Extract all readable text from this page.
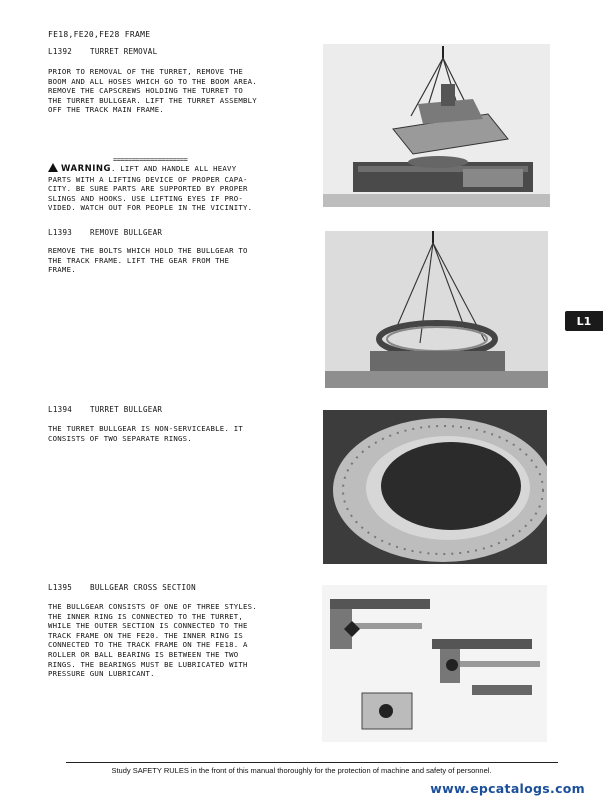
FE18,FE20,FE28 FRAME
L1392 TURRET REMOVAL

PRIOR TO REMOVAL OF THE TURRET, REMOVE THE

BOOM AND ALL HOSES WHICH GO TO THE BOOM AREA.

REMOVE THE CAPSCREWS HOLDING THE TURRET TO

THE TURRET BULLGEAR. LIFT THE TURRET ASSEMBLY

OFF THE TRACK MAIN FRAME.

====================

WARNING. LIFT AND HANDLE ALL HEAVY

PARTS WITH A LIFTING DEVICE OF PROPER CAPA-

CITY. BE SURE PARTS ARE SUPPORTED BY PROPER

SLINGS AND HOOKS. USE LIFTING EYES IF PRO-

VIDED. WATCH OUT FOR PEOPLE IN THE VICINITY.

L1393 REMOVE BULLGEAR

REMOVE THE BOLTS WHICH HOLD THE BULLGEAR TO

THE TRACK FRAME. LIFT THE GEAR FROM THE

FRAME.

L1
L1394 TURRET BULLGEAR

THE TURRET BULLGEAR IS NON-SERVICEABLE. IT

CONSISTS OF TWO SEPARATE RINGS.

L1395 BULLGEAR CROSS SECTION

THE BULLGEAR CONSISTS OF ONE OF THREE STYLES.

THE INNER RING IS CONNECTED TO THE TURRET,

WHILE THE OUTER SECTION IS CONNECTED TO THE

TRACK FRAME ON THE FE20. THE INNER RING IS

CONNECTED TO THE TRACK FRAME ON THE FE18. A

ROLLER OR BALL BEARING IS BETWEEN THE TWO

RINGS. THE BEARINGS MUST BE LUBRICATED WITH

PRESSURE GUN LUBRICANT.

Study SAFETY RULES in the front of this manual thoroughly for the protection of machine and safety of personnel.
www.epcatalogs.com
